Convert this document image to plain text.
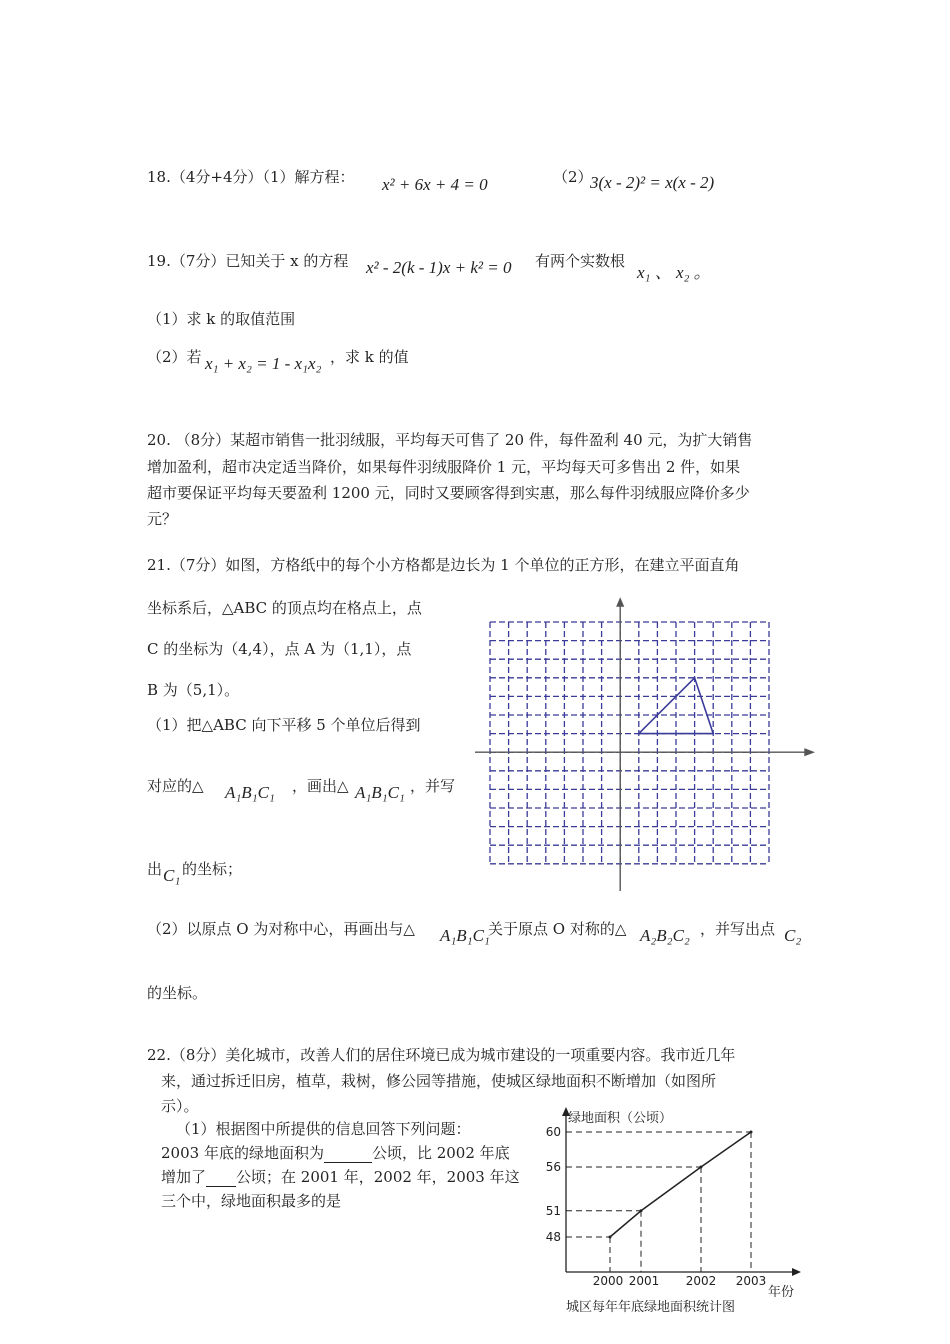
18.（4分+4分）（1）解方程： x² + 6x + 4 = 0	（2）
3(x - 2)² = x(x - 2)
19.（7分）已知关于 x 的方程 x² - 2(k - 1)x + k² = 0 有两个实数根
x₁ 、 x₂ 。
（1）求 k 的取值范围
（2）若 x₁ + x₂ = 1 - x₁x₂ ，求 k 的值
20. （8分）某超市销售一批羽绒服，平均每天可售了 20 件，每件盈利 40 元，为扩大销售
增加盈利，超市决定适当降价，如果每件羽绒服降价 1 元，平均每天可多售出 2 件，如果
超市要保证平均每天要盈利 1200 元，同时又要顾客得到实惠，那么每件羽绒服应降价多少
元？
21.（7分）如图，方格纸中的每个小方格都是边长为 1 个单位的正方形，在建立平面直角
坐标系后，△ABC 的顶点均在格点上，点
C 的坐标为（4,4），点 A 为（1,1），点
B 为（5,1）。
（1）把△ABC 向下平移 5 个单位后得到
对应的△ A₁B₁C₁ ，画出△ A₁B₁C₁ ，并写
出 C₁ 的坐标；
（2）以原点 O 为对称中心，再画出与△ A₁B₁C₁
关于原点 O 对称的△ A₂B₂C₂ ，并写出点 C₂
的坐标。
22.（8分）美化城市，改善人们的居住环境已成为城市建设的一项重要内容。我市近几年
来，通过拆迁旧房，植草，栽树，修公园等措施，使城区绿地面积不断增加（如图所
示）。
（1）根据图中所提供的信息回答下列问题：
2003 年底的绿地面积为	公顷，比 2002 年底
增加了 公顷；在 2001 年，2002 年，2003 年这
三个中，绿地面积最多的是
绿地面积（公顷）
年份
城区每年年底绿地面积统计图
48
2000
51
2001
56
2002
60
2003
